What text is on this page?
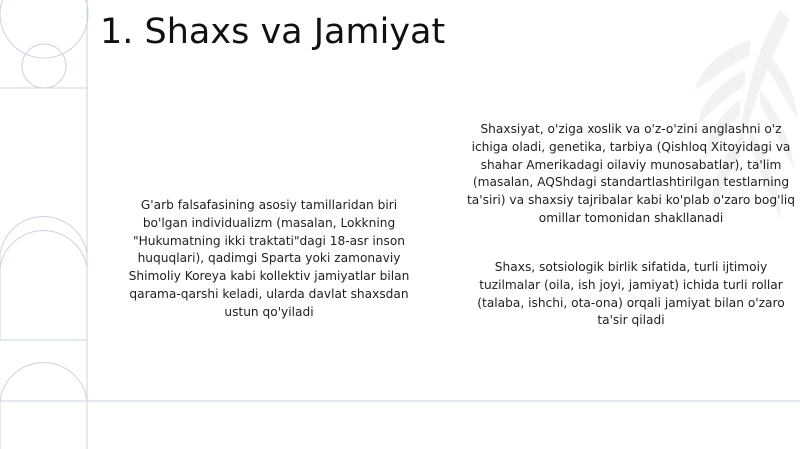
1. Shaxs va Jamiyat

G'arb falsafasining asosiy tamillaridan biri bo'lgan individualizm (masalan, Lokkning "Hukumatning ikki traktati"dagi 18-asr inson huquqlari), qadimgi Sparta yoki zamonaviy Shimoliy Koreya kabi kollektiv jamiyatlar bilan qarama-qarshi keladi, ularda davlat shaxsdan ustun qo'yiladi

Shaxsiyat, o'ziga xoslik va o'z-o'zini anglashni o'z ichiga oladi, genetika, tarbiya (Qishloq Xitoyidagi va shahar Amerikadagi oilaviy munosabatlar), ta'lim (masalan, AQShdagi standartlashtirilgan testlarning ta'siri) va shaxsiy tajribalar kabi ko'plab o'zaro bog'liq omillar tomonidan shakllanadi

Shaxs, sotsiologik birlik sifatida, turli ijtimoiy tuzilmalar (oila, ish joyi, jamiyat) ichida turli rollar (talaba, ishchi, ota-ona) orqali jamiyat bilan o'zaro ta'sir qiladi
